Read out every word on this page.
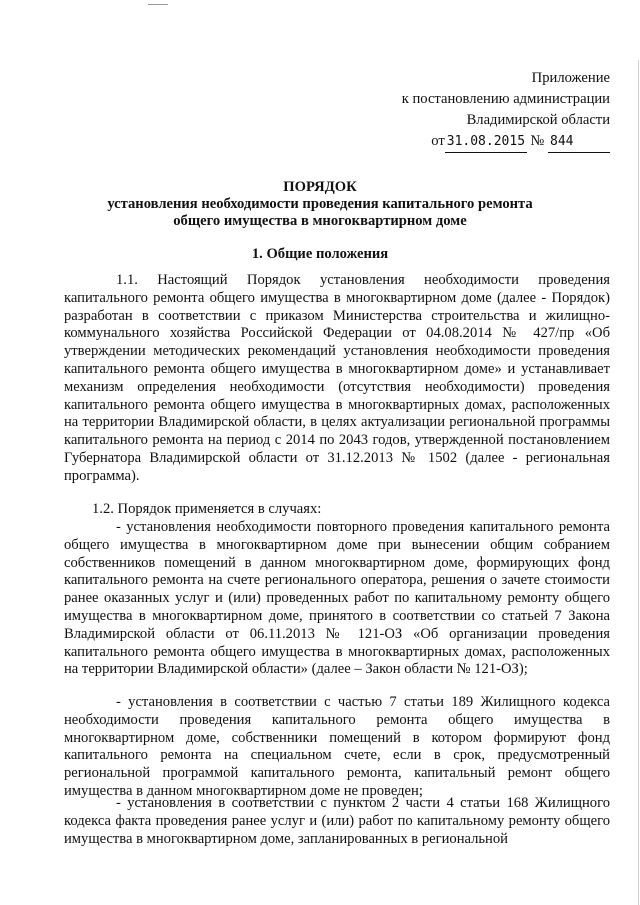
Приложение
к постановлению администрации
Владимирской области
от 31.08.2015 № 844
ПОРЯДОК
установления необходимости проведения капитального ремонта
общего имущества в многоквартирном доме
1. Общие положения

1.1. Настоящий Порядок установления необходимости проведения капитального ремонта общего имущества в многоквартирном доме (далее - Порядок) разработан в соответствии с приказом Министерства строительства и жилищно-коммунального хозяйства Российской Федерации от 04.08.2014 № 427/пр «Об утверждении методических рекомендаций установления необходимости проведения капитального ремонта общего имущества в многоквартирном доме» и устанавливает механизм определения необходимости (отсутствия необходимости) проведения капитального ремонта общего имущества в многоквартирных домах, расположенных на территории Владимирской области, в целях актуализации региональной программы капитального ремонта на период с 2014 по 2043 годов, утвержденной постановлением Губернатора Владимирской области от 31.12.2013 № 1502 (далее - региональная программа).

1.2. Порядок применяется в случаях:

- установления необходимости повторного проведения капитального ремонта общего имущества в многоквартирном доме при вынесении общим собранием собственников помещений в данном многоквартирном доме, формирующих фонд капитального ремонта на счете регионального оператора, решения о зачете стоимости ранее оказанных услуг и (или) проведенных работ по капитальному ремонту общего имущества в многоквартирном доме, принятого в соответствии со статьей 7 Закона Владимирской области от 06.11.2013 № 121-ОЗ «Об организации проведения капитального ремонта общего имущества в многоквартирных домах, расположенных на территории Владимирской области» (далее – Закон области № 121-ОЗ);

- установления в соответствии с частью 7 статьи 189 Жилищного кодекса необходимости проведения капитального ремонта общего имущества в многоквартирном доме, собственники помещений в котором формируют фонд капитального ремонта на специальном счете, если в срок, предусмотренный региональной программой капитального ремонта, капитальный ремонт общего имущества в данном многоквартирном доме не проведен;

- установления в соответствии с пунктом 2 части 4 статьи 168 Жилищного кодекса факта проведения ранее услуг и (или) работ по капитальному ремонту общего имущества в многоквартирном доме, запланированных в региональной
